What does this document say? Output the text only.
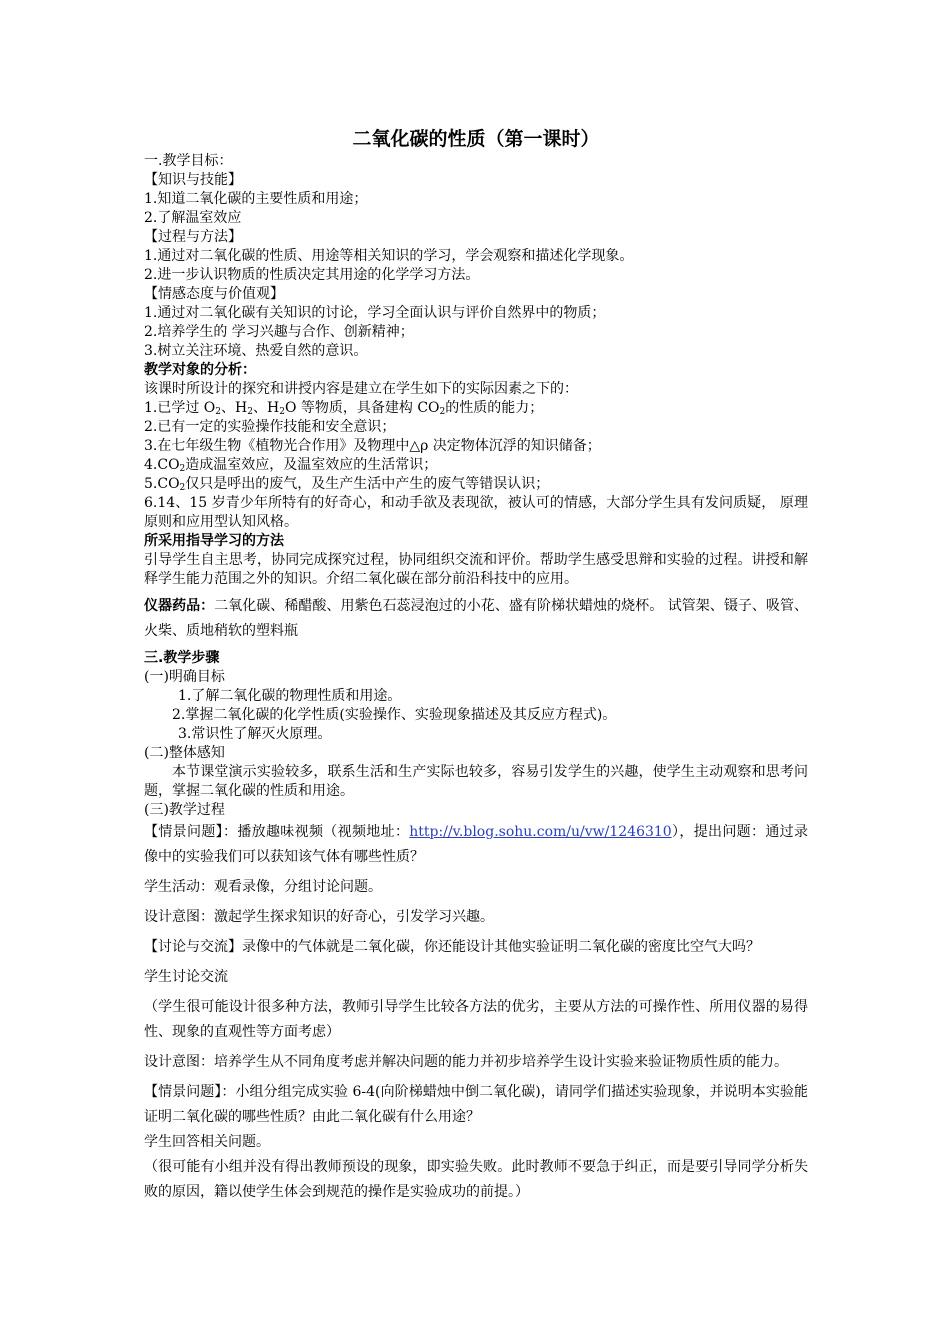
二氧化碳的性质（第一课时）
一.教学目标：
【知识与技能】
1.知道二氧化碳的主要性质和用途；
2.了解温室效应
【过程与方法】
1.通过对二氧化碳的性质、用途等相关知识的学习，学会观察和描述化学现象。
2.进一步认识物质的性质决定其用途的化学学习方法。
【情感态度与价值观】
1.通过对二氧化碳有关知识的讨论，学习全面认识与评价自然界中的物质；
2.培养学生的 学习兴趣与合作、创新精神；
3.树立关注环境、热爱自然的意识。
教学对象的分析：
该课时所设计的探究和讲授内容是建立在学生如下的实际因素之下的：
1.已学过 $O_2$、$H_2$、$H_2O$ 等物质，具备建构 $CO_2$的性质的能力；
2.已有一定的实验操作技能和安全意识；
3.在七年级生物《植物光合作用》及物理中△ρ 决定物体沉浮的知识储备；
$4.CO_2$造成温室效应，及温室效应的生活常识；
$5.CO_2$仅只是呼出的废气，及生产生活中产生的废气等错误认识；
6.14、15 岁青少年所特有的好奇心，和动手欲及表现欲，被认可的情感，大部分学生具有发问质疑， 原理原则和应用型认知风格。
所采用指导学习的方法
引导学生自主思考，协同完成探究过程，协同组织交流和评价。帮助学生感受思辩和实验的过程。讲授和解释学生能力范围之外的知识。介绍二氧化碳在部分前沿科技中的应用。
仪器药品：二氧化碳、稀醋酸、用紫色石蕊浸泡过的小花、盛有阶梯状蜡烛的烧杯。 试管架、镊子、吸管、火柴、质地稍软的塑料瓶
三.教学步骤
(一)明确目标
1.了解二氧化碳的物理性质和用途。
2.掌握二氧化碳的化学性质(实验操作、实验现象描述及其反应方程式)。
3.常识性了解灭火原理。
(二)整体感知
本节课堂演示实验较多，联系生活和生产实际也较多，容易引发学生的兴趣，使学生主动观察和思考问题，掌握二氧化碳的性质和用途。
(三)教学过程
【情景问题】：播放趣味视频（视频地址：http://v.blog.sohu.com/u/vw/1246310），提出问题：通过录像中的实验我们可以获知该气体有哪些性质？
学生活动：观看录像，分组讨论问题。
设计意图：激起学生探求知识的好奇心，引发学习兴趣。
【讨论与交流】录像中的气体就是二氧化碳，你还能设计其他实验证明二氧化碳的密度比空气大吗？
学生讨论交流
（学生很可能设计很多种方法，教师引导学生比较各方法的优劣，主要从方法的可操作性、所用仪器的易得性、现象的直观性等方面考虑）
设计意图：培养学生从不同角度考虑并解决问题的能力并初步培养学生设计实验来验证物质性质的能力。
【情景问题】：小组分组完成实验 6-4(向阶梯蜡烛中倒二氧化碳)，请同学们描述实验现象，并说明本实验能证明二氧化碳的哪些性质？由此二氧化碳有什么用途？
学生回答相关问题。
（很可能有小组并没有得出教师预设的现象，即实验失败。此时教师不要急于纠正，而是要引导同学分析失败的原因，籍以使学生体会到规范的操作是实验成功的前提。）
